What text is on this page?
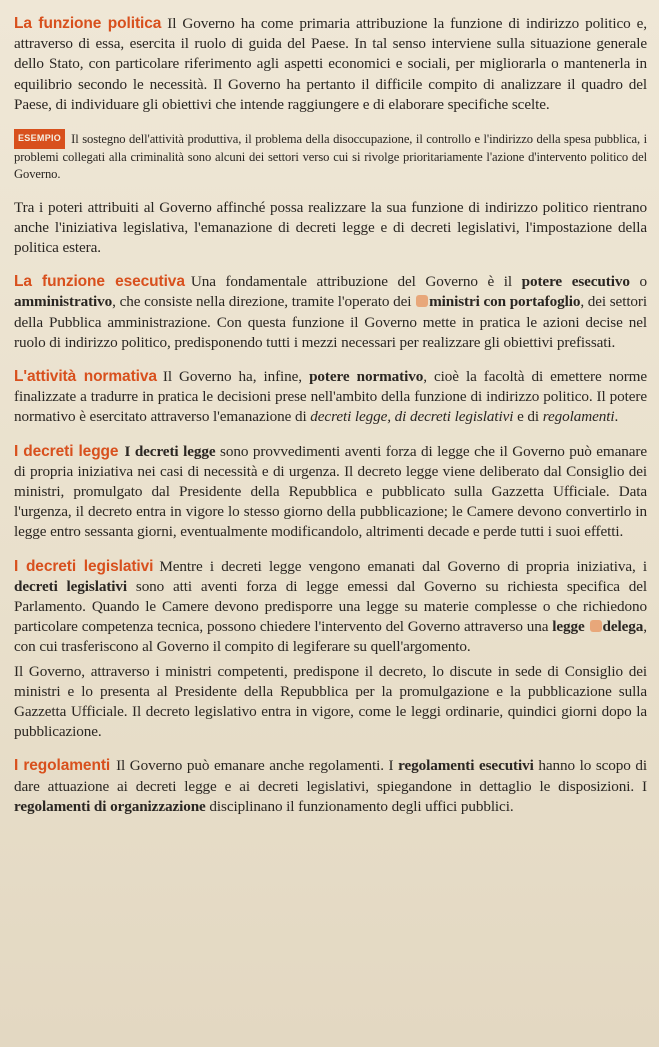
La funzione politica Il Governo ha come primaria attribuzione la funzione di indirizzo politico e, attraverso di essa, esercita il ruolo di guida del Paese. In tal senso interviene sulla situazione generale dello Stato, con particolare riferimento agli aspetti economici e sociali, per migliorarla o mantenerla in equilibrio secondo le necessità. Il Governo ha pertanto il difficile compito di analizzare il quadro del Paese, di individuare gli obiettivi che intende raggiungere e di elaborare specifiche scelte.

ESEMPIO Il sostegno dell'attività produttiva, il problema della disoccupazione, il controllo e l'indirizzo della spesa pubblica, i problemi collegati alla criminalità sono alcuni dei settori verso cui si rivolge prioritariamente l'azione d'intervento politico del Governo.

Tra i poteri attribuiti al Governo affinché possa realizzare la sua funzione di indirizzo politico rientrano anche l'iniziativa legislativa, l'emanazione di decreti legge e di decreti legislativi, l'impostazione della politica estera.

La funzione esecutiva Una fondamentale attribuzione del Governo è il potere esecutivo o amministrativo, che consiste nella direzione, tramite l'operato dei ministri con portafoglio, dei settori della Pubblica amministrazione. Con questa funzione il Governo mette in pratica le azioni decise nel ruolo di indirizzo politico, predisponendo tutti i mezzi necessari per realizzare gli obiettivi prefissati.

L'attività normativa Il Governo ha, infine, potere normativo, cioè la facoltà di emettere norme finalizzate a tradurre in pratica le decisioni prese nell'ambito della funzione di indirizzo politico. Il potere normativo è esercitato attraverso l'emanazione di decreti legge, di decreti legislativi e di regolamenti.

I decreti legge I decreti legge sono provvedimenti aventi forza di legge che il Governo può emanare di propria iniziativa nei casi di necessità e di urgenza. Il decreto legge viene deliberato dal Consiglio dei ministri, promulgato dal Presidente della Repubblica e pubblicato sulla Gazzetta Ufficiale. Data l'urgenza, il decreto entra in vigore lo stesso giorno della pubblicazione; le Camere devono convertirlo in legge entro sessanta giorni, eventualmente modificandolo, altrimenti decade e perde tutti i suoi effetti.

I decreti legislativi Mentre i decreti legge vengono emanati dal Governo di propria iniziativa, i decreti legislativi sono atti aventi forza di legge emessi dal Governo su richiesta specifica del Parlamento. Quando le Camere devono predisporre una legge su materie complesse o che richiedono particolare competenza tecnica, possono chiedere l'intervento del Governo attraverso una legge delega, con cui trasferiscono al Governo il compito di legiferare su quell'argomento.

Il Governo, attraverso i ministri competenti, predispone il decreto, lo discute in sede di Consiglio dei ministri e lo presenta al Presidente della Repubblica per la promulgazione e la pubblicazione sulla Gazzetta Ufficiale. Il decreto legislativo entra in vigore, come le leggi ordinarie, quindici giorni dopo la pubblicazione.

I regolamenti Il Governo può emanare anche regolamenti. I regolamenti esecutivi hanno lo scopo di dare attuazione ai decreti legge e ai decreti legislativi, spiegandone in dettaglio le disposizioni. I regolamenti di organizzazione disciplinano il funzionamento degli uffici pubblici.
